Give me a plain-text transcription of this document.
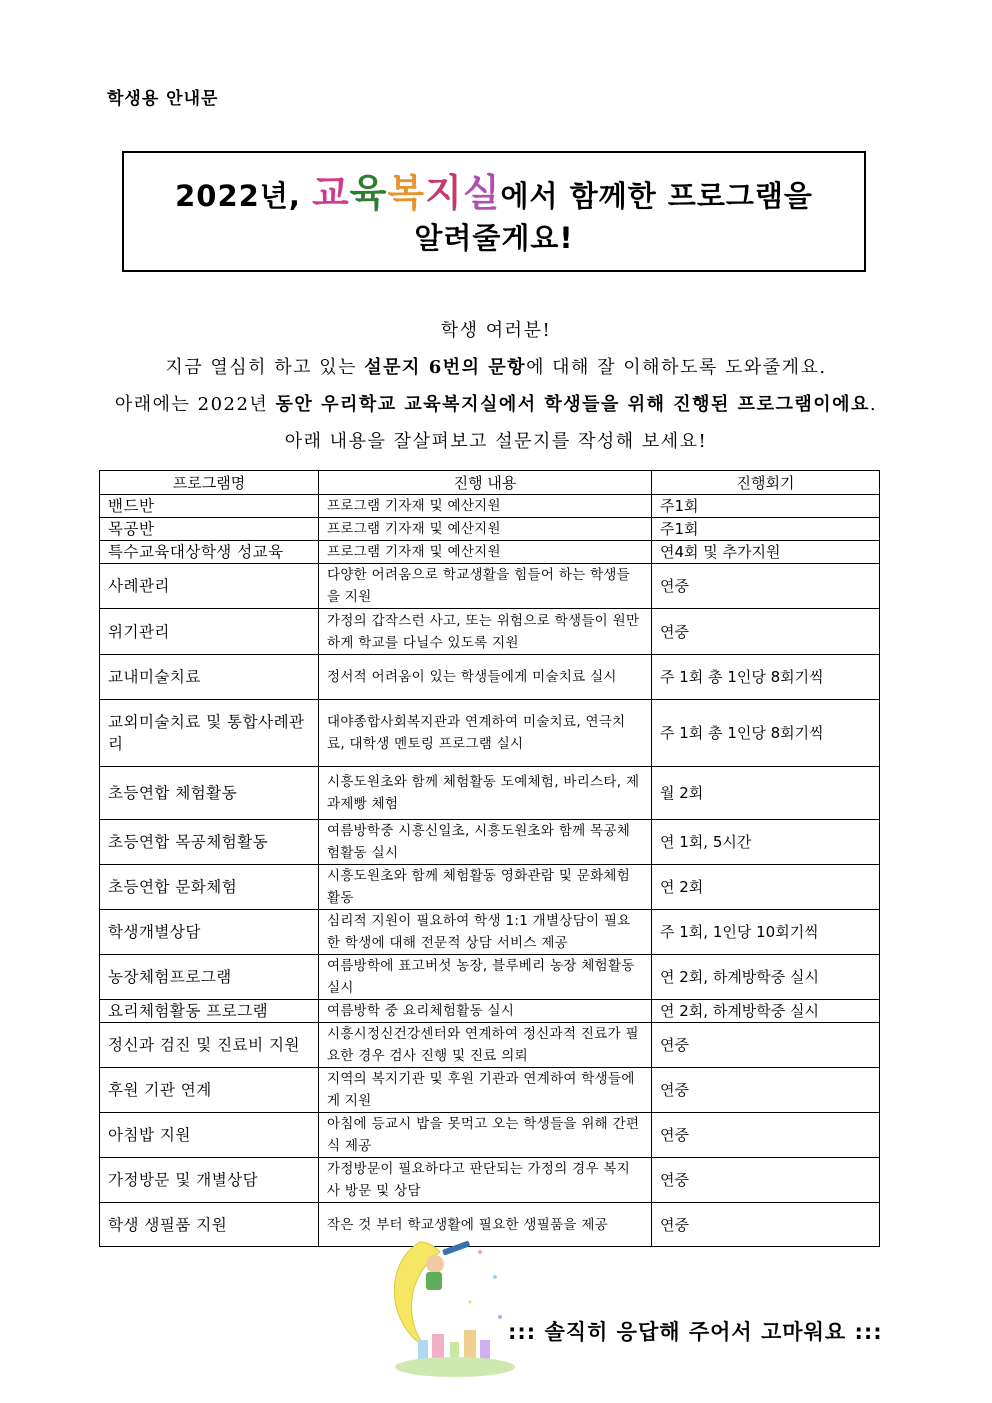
학생용 안내문
2022년, 교육복지실에서 함께한 프로그램을
알려줄게요!
학생 여러분!
지금 열심히 하고 있는 설문지 6번의 문항에 대해 잘 이해하도록 도와줄게요.
아래에는 2022년 동안 우리학교 교육복지실에서 학생들을 위해 진행된 프로그램이에요.
아래 내용을 잘살펴보고 설문지를 작성해 보세요!
프로그램명	진행 내용	진행회기
밴드반	프로그램 기자재 및 예산지원	주1회
목공반	프로그램 기자재 및 예산지원	주1회
특수교육대상학생 성교육	프로그램 기자재 및 예산지원	연4회 및 추가지원
사례관리	다양한 어려움으로 학교생활을 힘들어 하는 학생들을 지원	연중
위기관리	가정의 갑작스런 사고, 또는 위험으로 학생들이 원만하게 학교를 다닐수 있도록 지원	연중
교내미술치료	정서적 어려움이 있는 학생들에게 미술치료 실시	주 1회 총 1인당 8회기씩
교외미술치료 및 통합사례관리	대야종합사회복지관과 연계하여 미술치료, 연극치료, 대학생 멘토링 프로그램 실시	주 1회 총 1인당 8회기씩
초등연합 체험활동	시흥도원초와 함께 체험활동 도예체험, 바리스타, 제과제빵 체험	월 2회
초등연합 목공체험활동	여름방학중 시흥신일초, 시흥도원초와 함께 목공체험활동 실시	연 1회, 5시간
초등연합 문화체험	시흥도원초와 함께 체험활동 영화관람 및 문화체험 활동	연 2회
학생개별상담	심리적 지원이 필요하여 학생 1:1 개별상담이 필요한 학생에 대해 전문적 상담 서비스 제공	주 1회, 1인당 10회기씩
농장체험프로그램	여름방학에 표고버섯 농장, 블루베리 농장 체험활동 실시	연 2회, 하계방학중 실시
요리체험활동 프로그램	여름방학 중 요리체험활동 실시	연 2회, 하계방학중 실시
정신과 검진 및 진료비 지원	시흥시정신건강센터와 연계하여 정신과적 진료가 필요한 경우 검사 진행 및 진료 의뢰	연중
후원 기관 연계	지역의 복지기관 및 후원 기관과 연계하여 학생들에게 지원	연중
아침밥 지원	아침에 등교시 밥을 못먹고 오는 학생들을 위해 간편식 제공	연중
가정방문 및 개별상담	가정방문이 필요하다고 판단되는 가정의 경우 복지사 방문 및 상담	연중
학생 생필품 지원	작은 것 부터 학교생활에 필요한 생필품을 제공	연중
::: 솔직히 응답해 주어서 고마워요 :::
